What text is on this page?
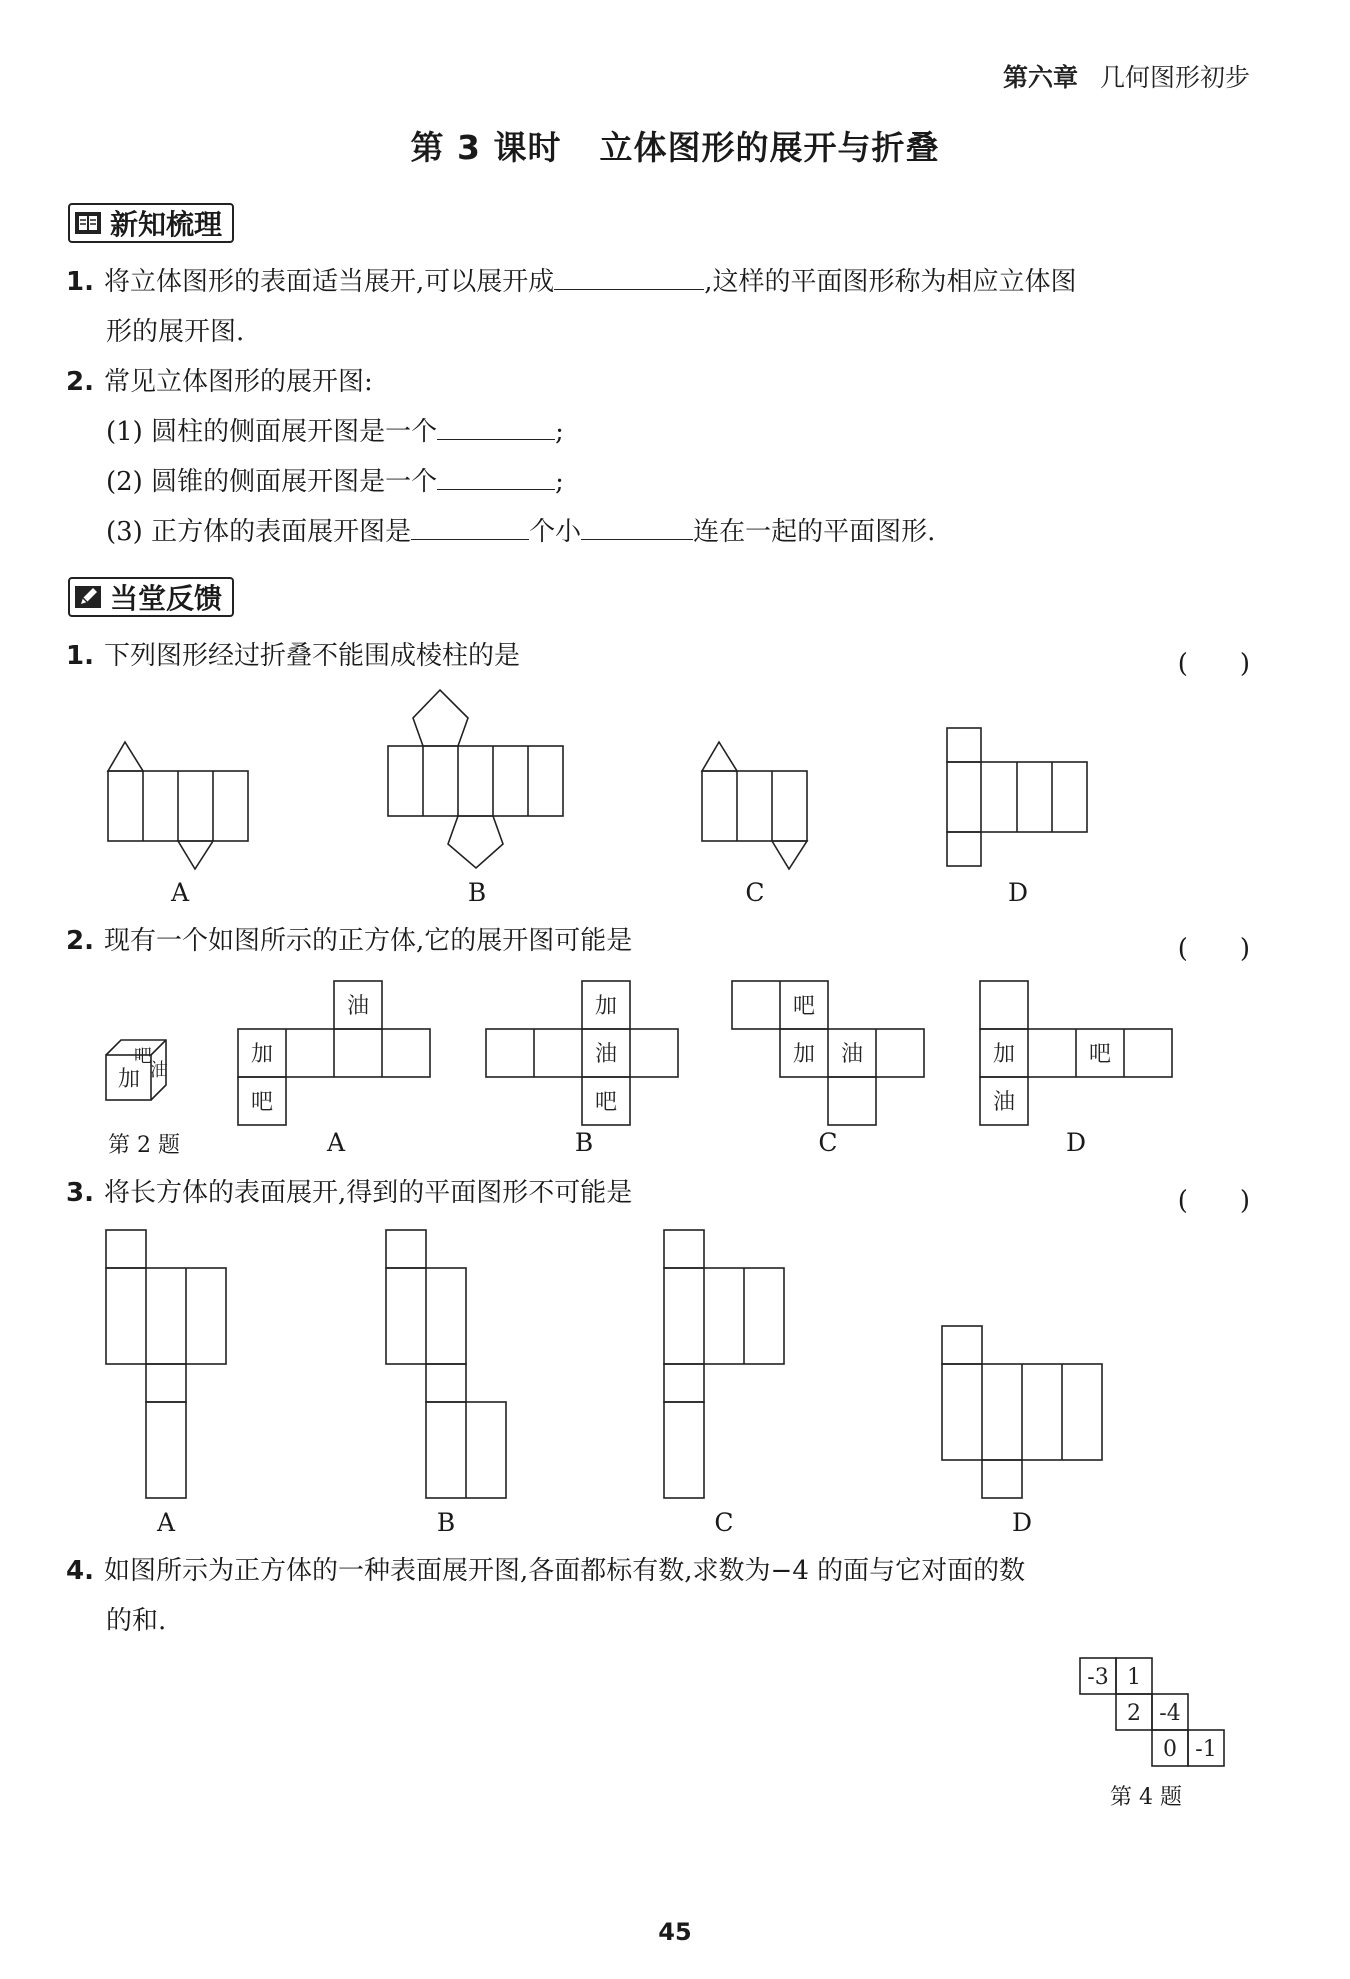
第六章 几何图形初步
第 3 课时 立体图形的展开与折叠
新知梳理
1. 将立体图形的表面适当展开,可以展开成	,这样的平面图形称为相应立体图
形的展开图.
2. 常见立体图形的展开图:
(1) 圆柱的侧面展开图是一个	;
(2) 圆锥的侧面展开图是一个	;
(3) 正方体的表面展开图是	个小	连在一起的平面图形.
当堂反馈
1. 下列图形经过折叠不能围成棱柱的是	(　　)
A	B	C	D
2. 现有一个如图所示的正方体,它的展开图可能是	(　　)
吧
加 油
油
加
吧
加
油
吧
吧
加 油	加	吧
油
第 2 题	A	B	C	D
3. 将长方体的表面展开,得到的平面图形不可能是	(　　)
A	B	C	D
4. 如图所示为正方体的一种表面展开图,各面都标有数,求数为−4 的面与它对面的数
的和.
-3 1
2 -4
0 -1
第 4 题
45
